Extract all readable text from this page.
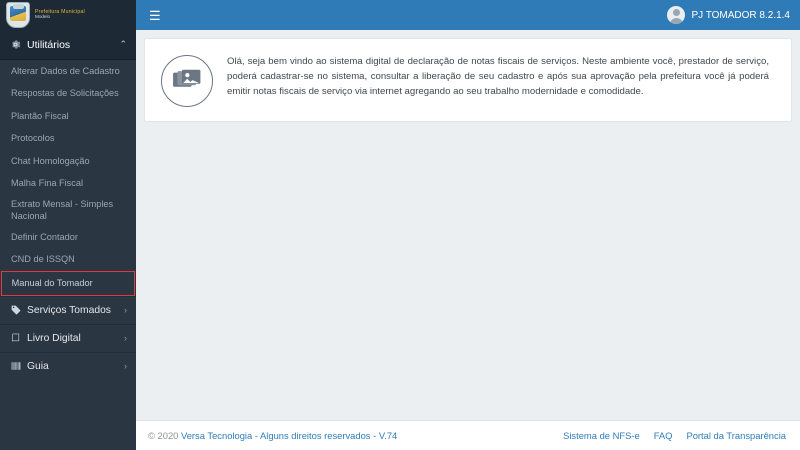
Prefeitura Municipal
Modelo
Utilitários	⌃
Alterar Dados de Cadastro
Respostas de Solicitações
Plantão Fiscal
Protocolos
Chat Homologação
Malha Fina Fiscal
Extrato Mensal - Simples Nacional
Definir Contador
CND de ISSQN
Manual do Tomador
Serviços Tomados ›
Livro Digital	›
Guia	›
☰	PJ TOMADOR 8.2.1.4
Olá, seja bem vindo ao sistema digital de declaração de notas fiscais de serviços. Neste ambiente você, prestador de serviço, poderá cadastrar-se no sistema, consultar a liberação de seu cadastro e após sua aprovação pela prefeitura você já poderá emitir notas fiscais de serviço via internet agregando ao seu trabalho modernidade e comodidade.
© 2020 Versa Tecnologia - Alguns direitos reservados - V.74	Sistema de NFS-e FAQ Portal da Transparência
